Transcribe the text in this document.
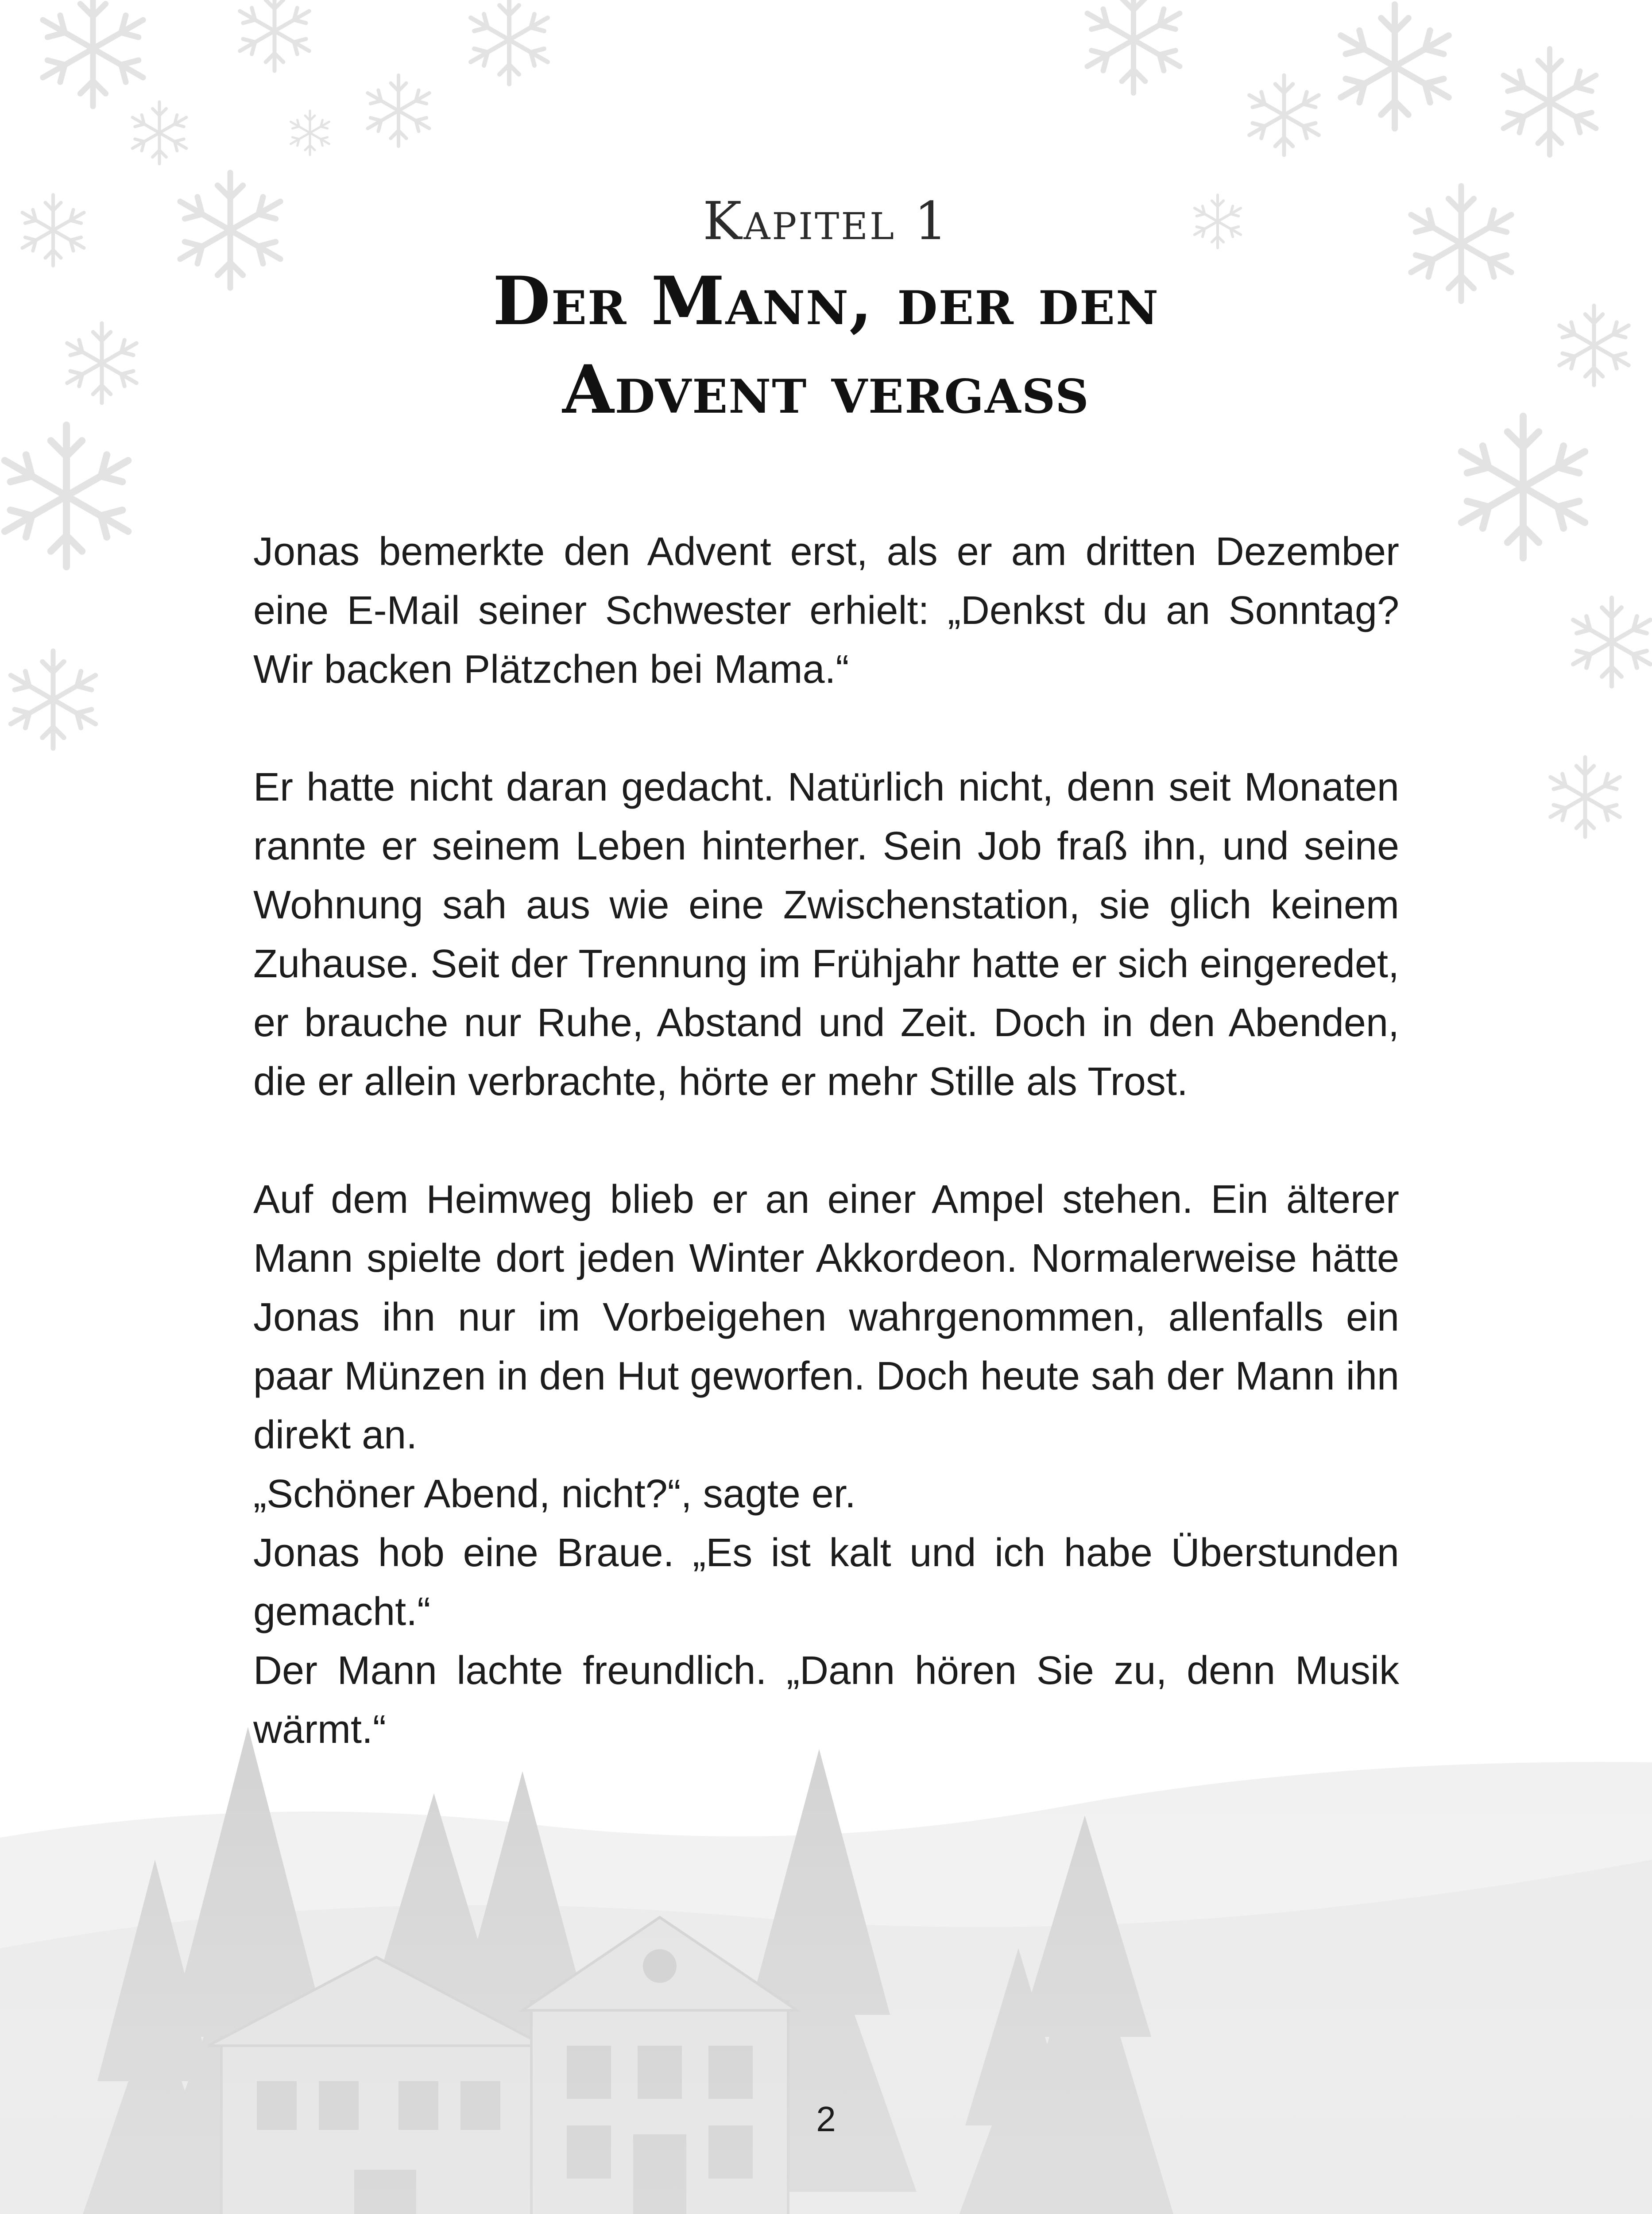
Kapitel 1
Der Mann, der den
Advent vergass

Jonas bemerkte den Advent erst, als er am dritten Dezember eine E-Mail seiner Schwester erhielt: „Denkst du an Sonntag? Wir backen Plätzchen bei Mama.“

Er hatte nicht daran gedacht. Natürlich nicht, denn seit Monaten rannte er seinem Leben hinterher. Sein Job fraß ihn, und seine Wohnung sah aus wie eine Zwischenstation, sie glich keinem Zuhause. Seit der Trennung im Frühjahr hatte er sich eingeredet, er brauche nur Ruhe, Abstand und Zeit. Doch in den Abenden, die er allein verbrachte, hörte er mehr Stille als Trost.

Auf dem Heimweg blieb er an einer Ampel stehen. Ein älterer Mann spielte dort jeden Winter Akkordeon. Normalerweise hätte Jonas ihn nur im Vorbeigehen wahrgenommen, allenfalls ein paar Münzen in den Hut geworfen. Doch heute sah der Mann ihn direkt an.

„Schöner Abend, nicht?“, sagte er.

Jonas hob eine Braue. „Es ist kalt und ich habe Überstunden gemacht.“

Der Mann lachte freundlich. „Dann hören Sie zu, denn Musik wärmt.“

2
